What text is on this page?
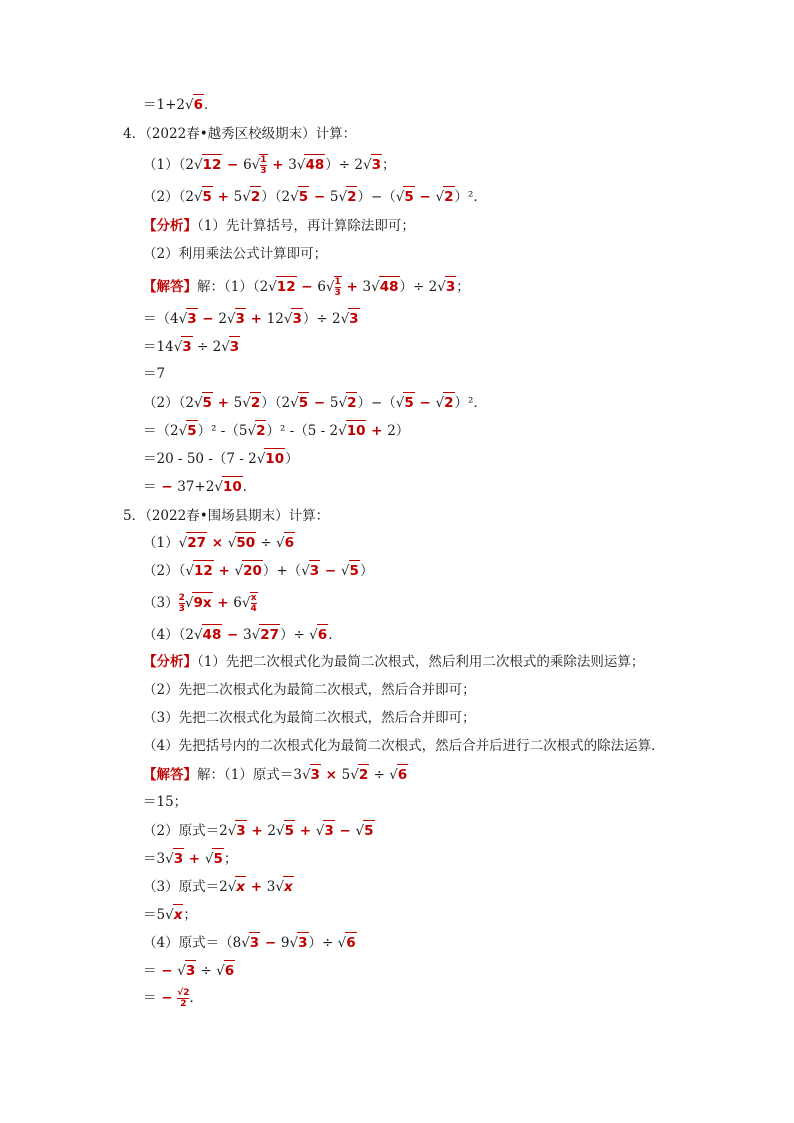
＝1+2√6．
4．（2022春•越秀区校级期末）计算：
$(1)(2√12 - 6√ \frac{1}{3} + 3√48)\div 2√3$；
（2）（2√5 + 5√2）（2√5 − 5√2）−（√5 − √2）²．
【分析】（1）先计算括号，再计算除法即可；
（2）利用乘法公式计算即可；
【解答】解：$(1)(2√12 - 6√ \frac{1}{3} + 3√48)\div 2√3$；
＝（4√3 − 2√3 + 12√3）÷ 2√3
＝14√3 ÷ 2√3
＝7
（2）（2√5 + 5√2）（2√5 − 5√2）−（√5 − √2）²．
＝（2√5）² -（5√2）² -（5 - 2√10 + 2）
＝20 - 50 -（7 - 2√10）
＝ − 37+2√10．
5．（2022春•围场县期末）计算：
（1）√27 × √50 ÷ √6
（2）（√12 + √20）+（√3 − √5）
$(3) \frac{2}{3} √9x + 6√ \frac{x}{4}$
（4）（2√48 − 3√27）÷ √6．
【分析】（1）先把二次根式化为最简二次根式，然后利用二次根式的乘除法则运算；
（2）先把二次根式化为最简二次根式，然后合并即可；
（3）先把二次根式化为最简二次根式，然后合并即可；
（4）先把括号内的二次根式化为最简二次根式，然后合并后进行二次根式的除法运算．
【解答】解：（1）原式＝3√3 × 5√2 ÷ √6
＝15；
（2）原式＝2√3 + 2√5 + √3 − √5
＝3√3 + √5；
（3）原式＝2√x + 3√x
＝5√x；
（4）原式＝（8√3 − 9√3）÷ √6
＝ − √3 ÷ √6
＝ − $\frac{√2}{2}$ ．
